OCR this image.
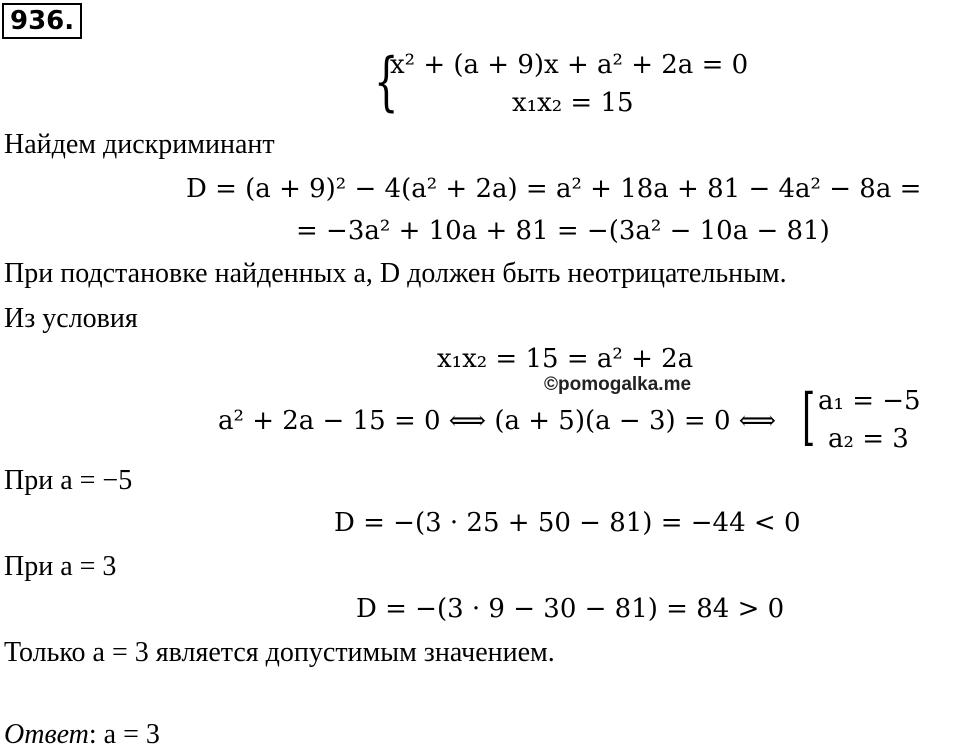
936.
{
x² + (a + 9)x + a² + 2a = 0
x₁x₂ = 15
Найдем дискриминант
D = (a + 9)² − 4(a² + 2a) = a² + 18a + 81 − 4a² − 8a =
= −3a² + 10a + 81 = −(3a² − 10a − 81)
При подстановке найденных a, D должен быть неотрицательным.
Из условия
x₁x₂ = 15 = a² + 2a
©pomogalka.me
a² + 2a − 15 = 0 ⟺ (a + 5)(a − 3) = 0 ⟺ [ a₁ = −5
a₂ = 3
При a = −5
D = −(3 · 25 + 50 − 81) = −44 < 0
При a = 3
D = −(3 · 9 − 30 − 81) = 84 > 0
Только a = 3 является допустимым значением.
Ответ: a = 3
